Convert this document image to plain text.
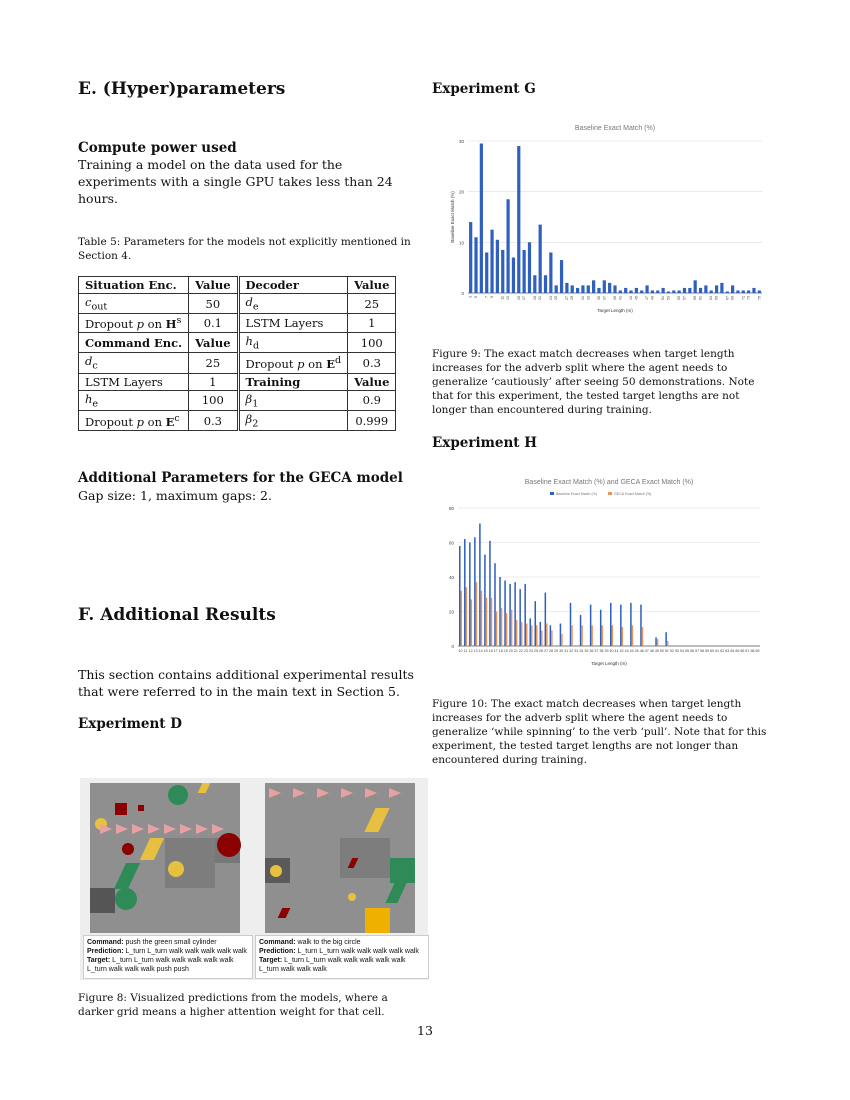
E. (Hyper)parameters
Compute power used

Training a model on the data used for the experiments with a single GPU takes less than 24 hours.

Table 5: Parameters for the models not explicitly mentioned in Section 4.

Situation Enc.	Value	Decoder	Value
$c_{out}$	50	$d_e$	25
Dropout p on $H^s$	0.1	LSTM Layers	1
Command Enc.	Value	$h_d$	100
$d_c$	25	Dropout p on $E^d$	0.3
LSTM Layers	1	Training	Value
$h_e$	100	$\beta_1$	0.9
Dropout p on $E^c$	0.3	$\beta_2$	0.999
Additional Parameters for the GECA model

Gap size: 1, maximum gaps: 2.

F. Additional Results

This section contains additional experimental results that were referred to in the main text in Section 5.

Experiment D
Command: push the green small cylinder
Prediction: L_turn L_turn walk walk walk walk walk
Target: L_turn L_turn walk walk walk walk walk L_turn walk walk walk push push
Command: walk to the big circle
Prediction: L_turn L_turn walk walk walk walk walk
Target: L_turn L_turn walk walk walk walk walk L_turn walk walk walk

Figure 8: Visualized predictions from the models, where a darker grid means a higher attention weight for that cell.

Experiment G
Baseline Exact Match (%)
0
10
20
30
Target Length (m)
Baseline Exact Match (%)
3 5 7 9 11 13 15 17 19 21 23 25 27 29 31 33 35 37 39 41 43 45 47 49 51 53 55 57 59 61 63 65 67 69 71 73 75

Figure 9: The exact match decreases when target length increases for the adverb split where the agent needs to generalize ‘cautiously’ after seeing 50 demonstrations. Note that for this experiment, the tested target lengths are not longer than encountered during training.

Experiment H
Baseline Exact Match (%) and GECA Exact Match (%)
0
20
40
60
80
Target Length (m)
10 11 12 13 14 15 16 17 18 19 20 21 22 23 24 25 26 27 28 29 30 31 32 33 34 35 36 37 38 39 40 41 42 43 44 45 46 47 48 49 50 51 52 53 54 55 56 57 58 59 60 61 62 63 64 65 66 67 68 69
Baseline Exact Match (%)	GECA Exact Match (%)

Figure 10: The exact match decreases when target length increases for the adverb split where the agent needs to generalize ‘while spinning’ to the verb ‘pull’. Note that for this experiment, the tested target lengths are not longer than encountered during training.

13
